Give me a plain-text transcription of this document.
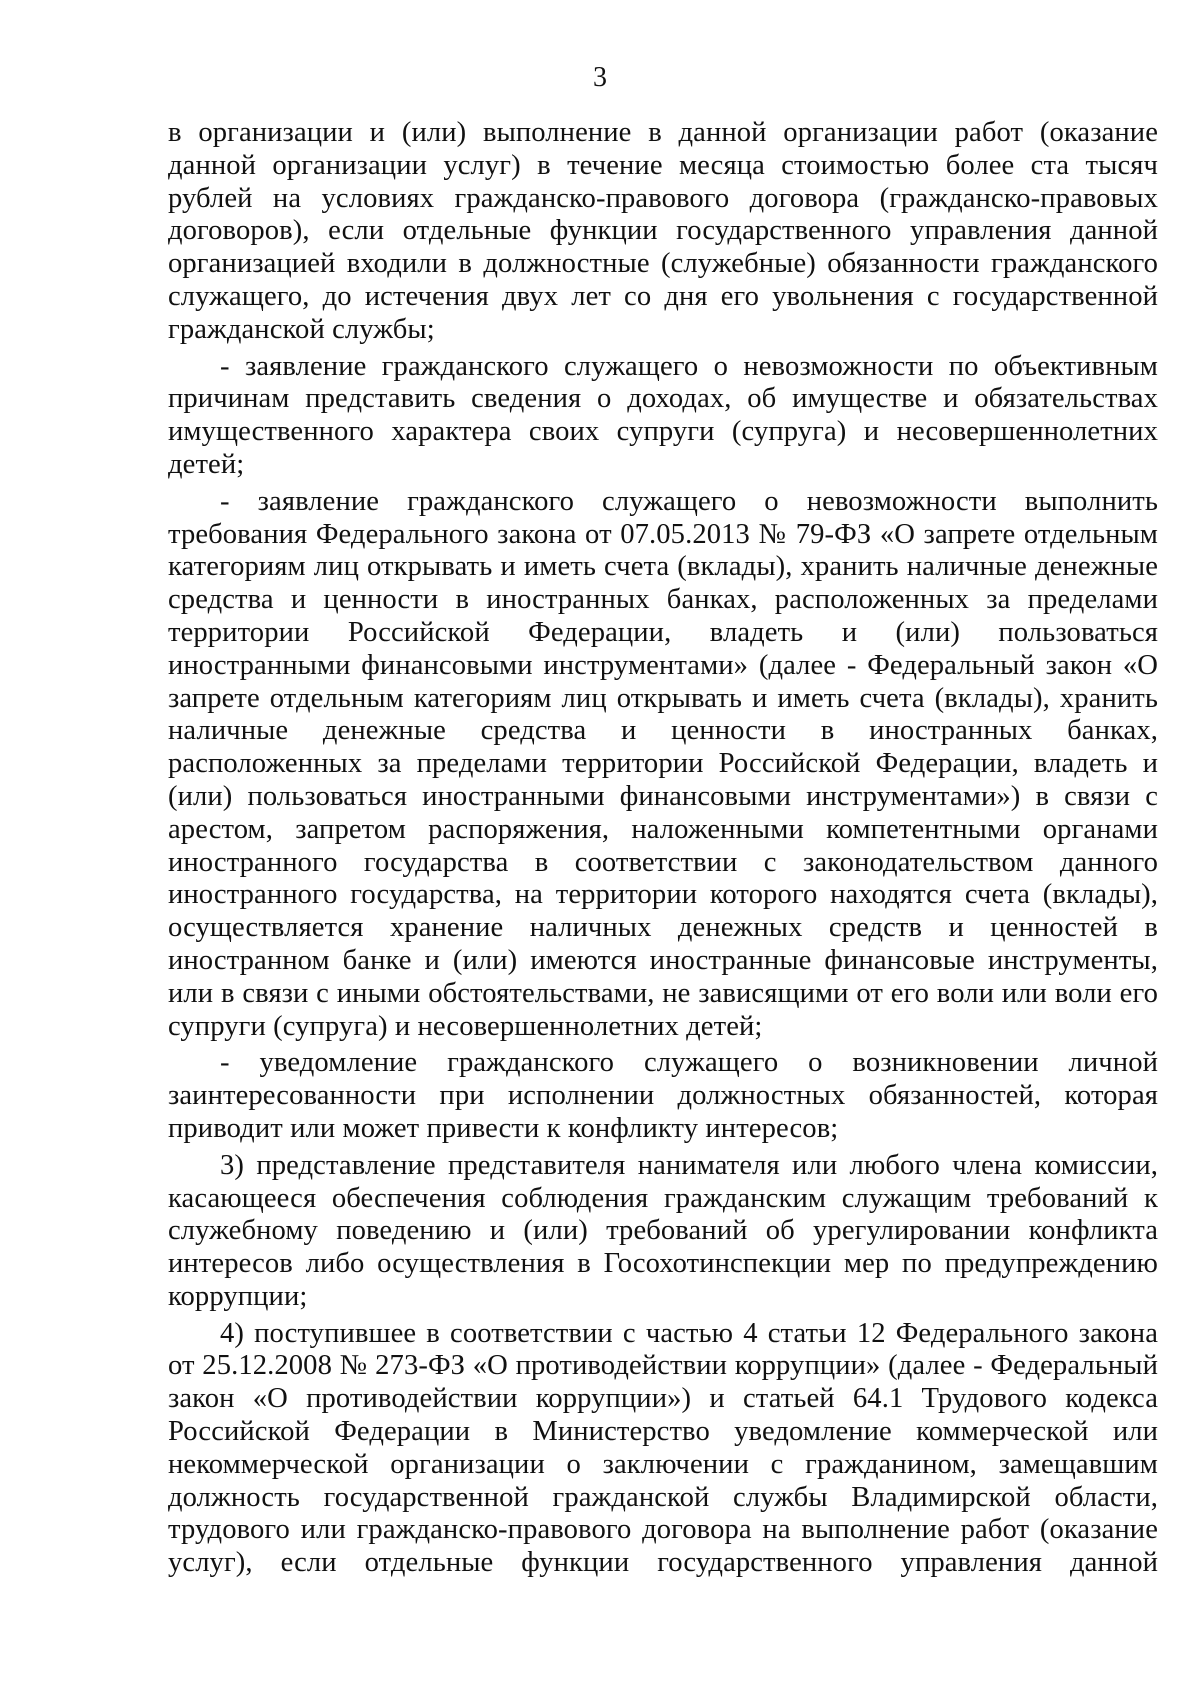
3

в организации и (или) выполнение в данной организации работ (оказание данной организации услуг) в течение месяца стоимостью более ста тысяч рублей на условиях гражданско-правового договора (гражданско-правовых договоров), если отдельные функции государственного управления данной организацией входили в должностные (служебные) обязанности гражданского служащего, до истечения двух лет со дня его увольнения с государственной гражданской службы;

- заявление гражданского служащего о невозможности по объективным причинам представить сведения о доходах, об имуществе и обязательствах имущественного характера своих супруги (супруга) и несовершеннолетних детей;

- заявление гражданского служащего о невозможности выполнить требования Федерального закона от 07.05.2013 № 79-ФЗ «О запрете отдельным категориям лиц открывать и иметь счета (вклады), хранить наличные денежные средства и ценности в иностранных банках, расположенных за пределами территории Российской Федерации, владеть и (или) пользоваться иностранными финансовыми инструментами» (далее - Федеральный закон «О запрете отдельным категориям лиц открывать и иметь счета (вклады), хранить наличные денежные средства и ценности в иностранных банках, расположенных за пределами территории Российской Федерации, владеть и (или) пользоваться иностранными финансовыми инструментами») в связи с арестом, запретом распоряжения, наложенными компетентными органами иностранного государства в соответствии с законодательством данного иностранного государства, на территории которого находятся счета (вклады), осуществляется хранение наличных денежных средств и ценностей в иностранном банке и (или) имеются иностранные финансовые инструменты, или в связи с иными обстоятельствами, не зависящими от его воли или воли его супруги (супруга) и несовершеннолетних детей;

- уведомление гражданского служащего о возникновении личной заинтересованности при исполнении должностных обязанностей, которая приводит или может привести к конфликту интересов;

3) представление представителя нанимателя или любого члена комиссии, касающееся обеспечения соблюдения гражданским служащим требований к служебному поведению и (или) требований об урегулировании конфликта интересов либо осуществления в Госохотинспекции мер по предупреждению коррупции;

4) поступившее в соответствии с частью 4 статьи 12 Федерального закона от 25.12.2008 № 273-ФЗ «О противодействии коррупции» (далее - Федеральный закон «О противодействии коррупции») и статьей 64.1 Трудового кодекса Российской Федерации в Министерство уведомление коммерческой или некоммерческой организации о заключении с гражданином, замещавшим должность государственной гражданской службы Владимирской области, трудового или гражданско-правового договора на выполнение работ (оказание услуг), если отдельные функции государственного управления данной
